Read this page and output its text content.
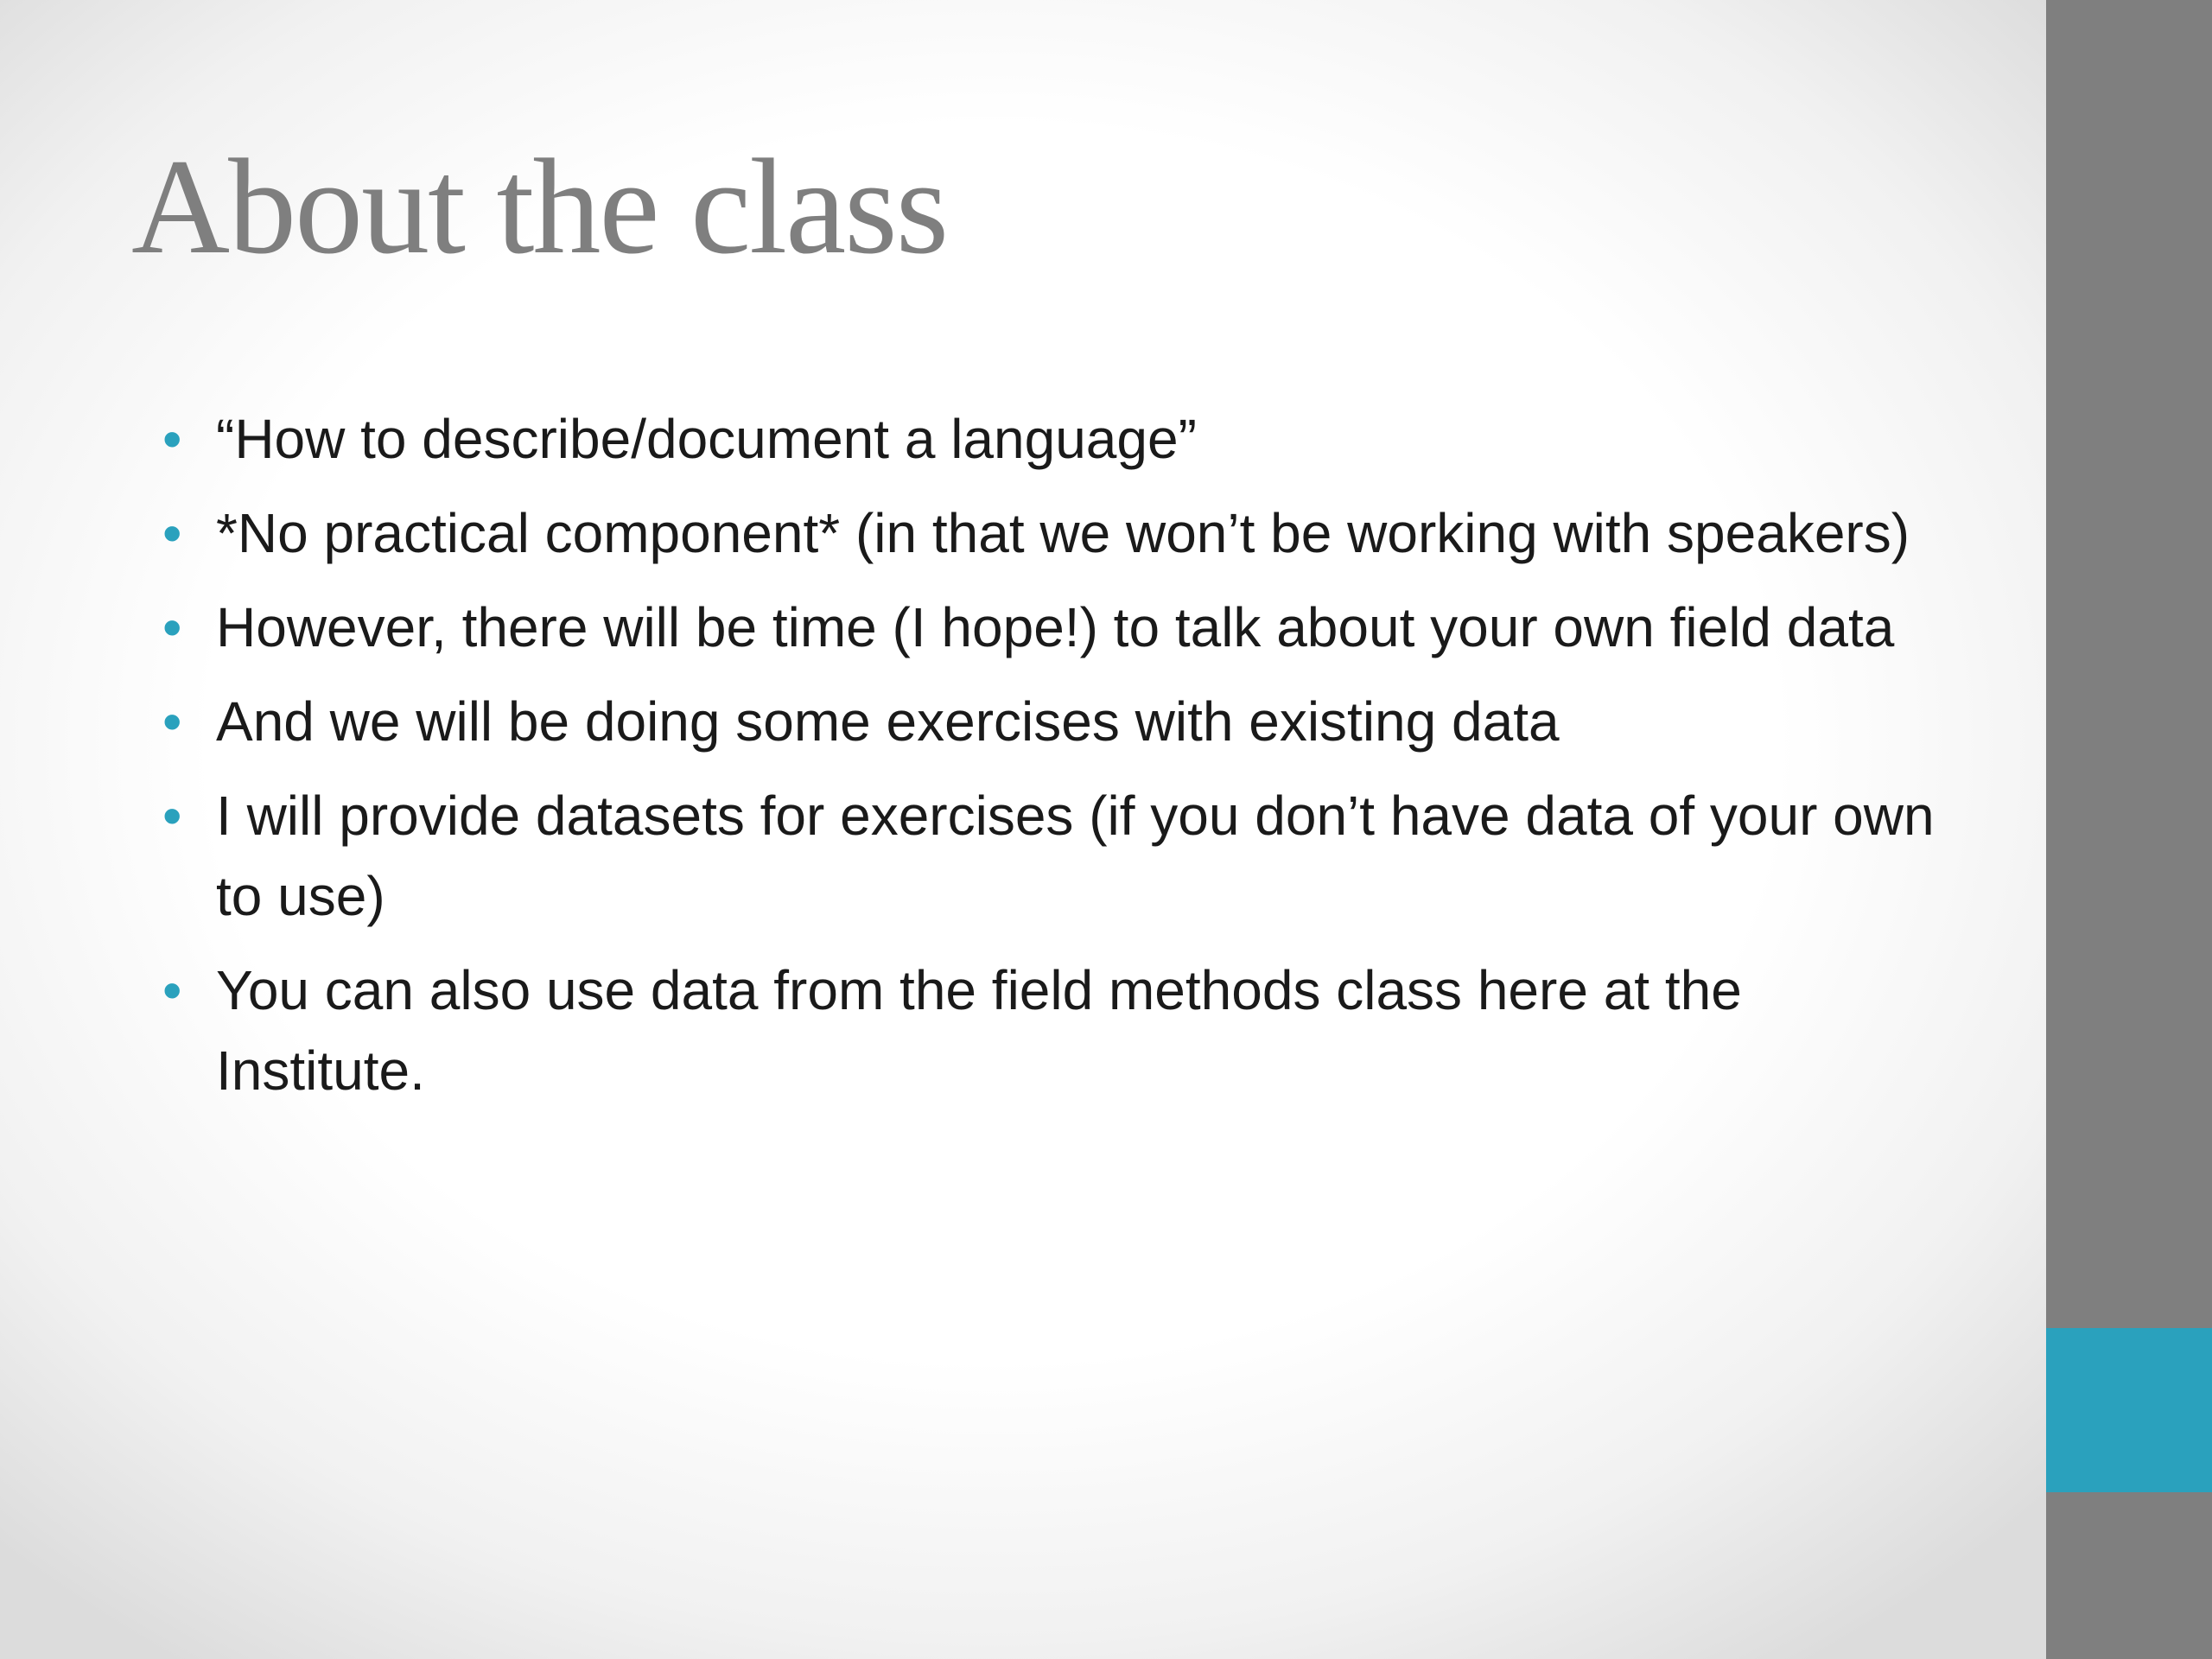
About the class
• “How to describe/document a language”
• *No practical component* (in that we won’t be working with speakers)
• However, there will be time (I hope!) to talk about your own field data
• And we will be doing some exercises with existing data
• I will provide datasets for exercises (if you don’t have data of your own to use)
• You can also use data from the field methods class here at the Institute.
